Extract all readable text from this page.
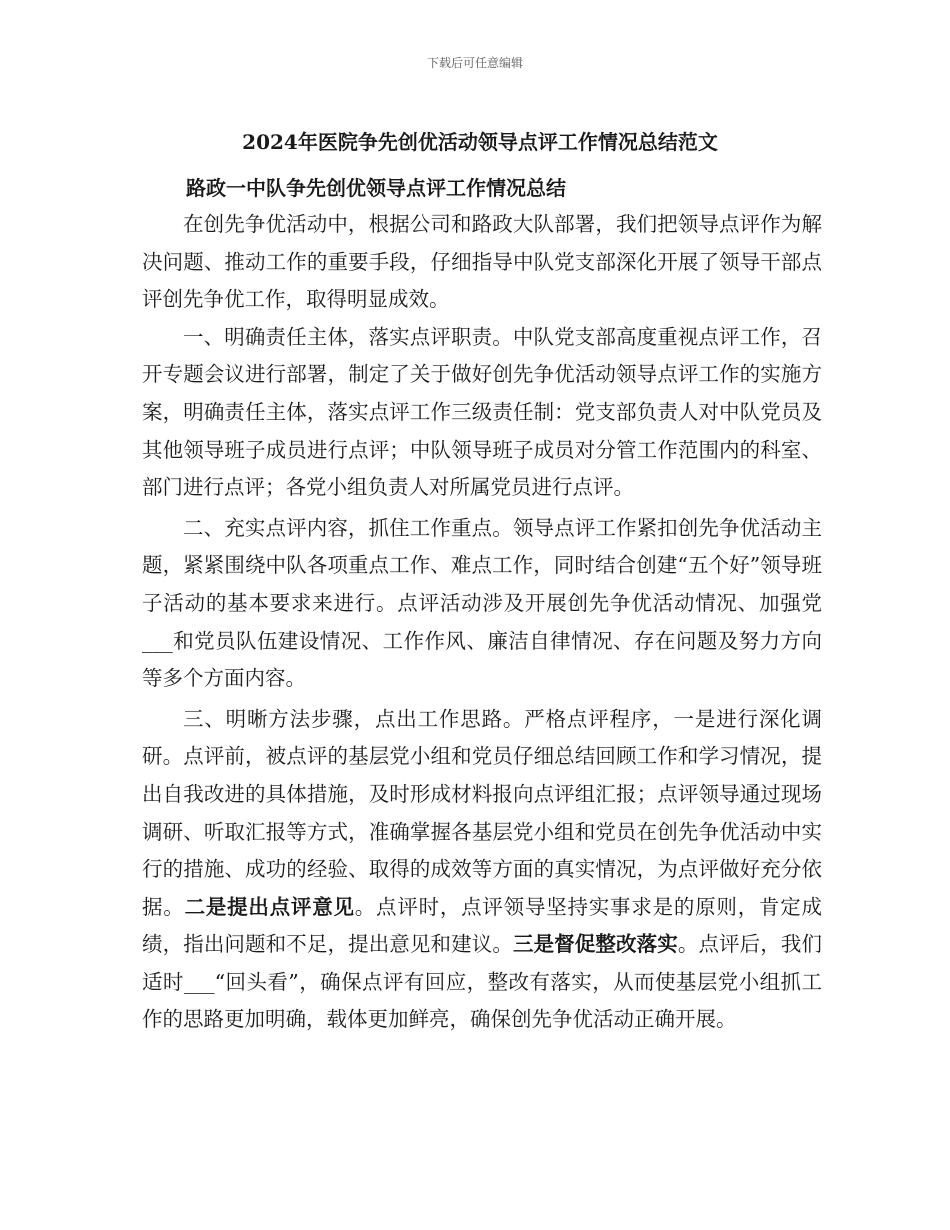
下载后可任意编辑
2024年医院争先创优活动领导点评工作情况总结范文
路政一中队争先创优领导点评工作情况总结

在创先争优活动中，根据公司和路政大队部署，我们把领导点评作为解决问题、推动工作的重要手段，仔细指导中队党支部深化开展了领导干部点评创先争优工作，取得明显成效。

一、明确责任主体，落实点评职责。中队党支部高度重视点评工作，召开专题会议进行部署，制定了关于做好创先争优活动领导点评工作的实施方案，明确责任主体，落实点评工作三级责任制：党支部负责人对中队党员及其他领导班子成员进行点评；中队领导班子成员对分管工作范围内的科室、部门进行点评；各党小组负责人对所属党员进行点评。

二、充实点评内容，抓住工作重点。领导点评工作紧扣创先争优活动主题，紧紧围绕中队各项重点工作、难点工作，同时结合创建“五个好”领导班子活动的基本要求来进行。点评活动涉及开展创先争优活动情况、加强党___和党员队伍建设情况、工作作风、廉洁自律情况、存在问题及努力方向等多个方面内容。

三、明晰方法步骤，点出工作思路。严格点评程序，一是进行深化调研。点评前，被点评的基层党小组和党员仔细总结回顾工作和学习情况，提出自我改进的具体措施，及时形成材料报向点评组汇报；点评领导通过现场调研、听取汇报等方式，准确掌握各基层党小组和党员在创先争优活动中实行的措施、成功的经验、取得的成效等方面的真实情况，为点评做好充分依据。二是提出点评意见。点评时，点评领导坚持实事求是的原则，肯定成绩，指出问题和不足，提出意见和建议。三是督促整改落实。点评后，我们适时___“回头看”，确保点评有回应，整改有落实，从而使基层党小组抓工作的思路更加明确，载体更加鲜亮，确保创先争优活动正确开展。
